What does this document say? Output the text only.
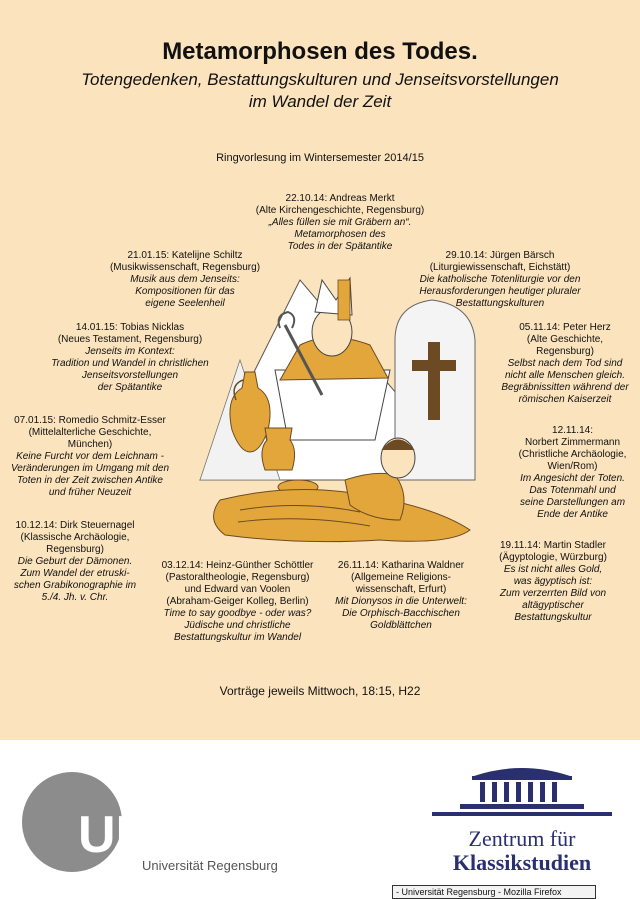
Metamorphosen des Todes.
Totengedenken, Bestattungskulturen und Jenseitsvorstellungen
im Wandel der Zeit
Ringvorlesung im Wintersemester 2014/15
22.10.14: Andreas Merkt
(Alte Kirchengeschichte, Regensburg)
„Alles füllen sie mit Gräbern an“.
Metamorphosen des
Todes in der Spätantike
21.01.15: Katelijne Schiltz
(Musikwissenschaft, Regensburg)
Musik aus dem Jenseits:
Kompositionen für das
eigene Seelenheil
29.10.14: Jürgen Bärsch
(Liturgiewissenschaft, Eichstätt)
Die katholische Totenliturgie vor den
Herausforderungen heutiger pluraler
Bestattungskulturen
14.01.15: Tobias Nicklas
(Neues Testament, Regensburg)
Jenseits im Kontext:
Tradition und Wandel in christlichen
Jenseitsvorstellungen
der Spätantike
05.11.14: Peter Herz
(Alte Geschichte,
Regensburg)
Selbst nach dem Tod sind
nicht alle Menschen gleich.
Begräbnissitten während der
römischen Kaiserzeit
07.01.15: Romedio Schmitz-Esser
(Mittelalterliche Geschichte,
München)
Keine Furcht vor dem Leichnam -
Veränderungen im Umgang mit den
Toten in der Zeit zwischen Antike
und früher Neuzeit
12.11.14:
Norbert Zimmermann
(Christliche Archäologie,
Wien/Rom)
Im Angesicht der Toten.
Das Totenmahl und
seine Darstellungen am
Ende der Antike
10.12.14: Dirk Steuernagel
(Klassische Archäologie,
Regensburg)
Die Geburt der Dämonen.
Zum Wandel der etruski-
schen Grabikonographie im
5./4. Jh. v. Chr.
03.12.14: Heinz-Günther Schöttler
(Pastoraltheologie, Regensburg)
und Edward van Voolen
(Abraham-Geiger Kolleg, Berlin)
Time to say goodbye - oder was?
Jüdische und christliche
Bestattungskultur im Wandel
26.11.14: Katharina Waldner
(Allgemeine Religions-
wissenschaft, Erfurt)
Mit Dionysos in die Unterwelt:
Die Orphisch-Bacchischen
Goldblättchen
19.11.14: Martin Stadler
(Ägyptologie, Würzburg)
Es ist nicht alles Gold,
was ägyptisch ist:
Zum verzerrten Bild von
altägyptischer
Bestattungskultur
Vorträge jeweils Mittwoch, 18:15, H22
UR
Universität Regensburg
Zentrum für
Klassikstudien
- Universität Regensburg - Mozilla Firefox
